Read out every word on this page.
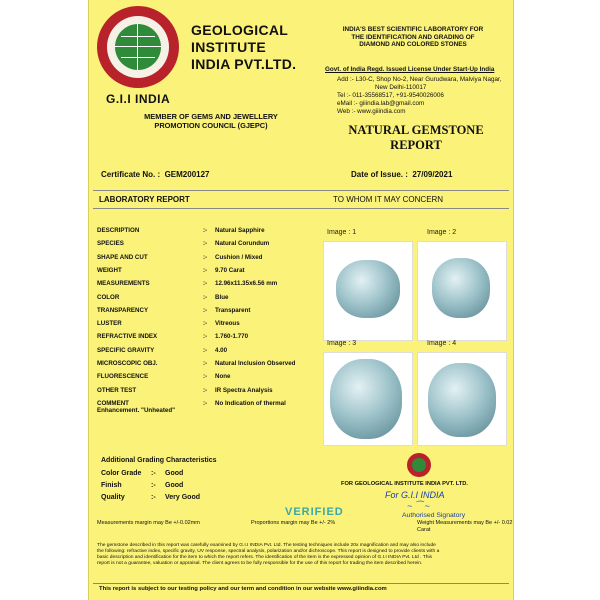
G.I.I INDIA
GEOLOGICAL
INSTITUTE
INDIA PVT.LTD.
MEMBER OF GEMS AND JEWELLERY
PROMOTION COUNCIL (GJEPC)
INDIA'S BEST SCIENTIFIC LABORATORY FOR
THE IDENTIFICATION AND GRADING OF
DIAMOND AND COLORED STONES
Govt. of India Regd. Issued License Under Start-Up India
Add :- L30-C, Shop No-2, Near Gurudwara, Malviya Nagar,
New Delhi-110017
Tel :- 011-35568517, +91-9540026006
eMail :- giiindia.lab@gmail.com
Web :- www.giiindia.com
NATURAL GEMSTONE
REPORT
Certificate No. : GEM200127	Date of Issue. : 27/09/2021
LABORATORY REPORT	TO WHOM IT MAY CONCERN
DESCRIPTION	:- Natural Sapphire
SPECIES	:- Natural Corundum
SHAPE AND CUT	:- Cushion / Mixed
WEIGHT	:- 9.70 Carat
MEASUREMENTS	:- 12.96x11.35x6.56 mm
COLOR	:- Blue
TRANSPARENCY	:- Transparent
LUSTER	:- Vitreous
REFRACTIVE INDEX	:- 1.760-1.770
SPECIFIC GRAVITY	:- 4.00
MICROSCOPIC OBJ.	:- Natural Inclusion Observed
FLUORESCENCE	:- None
OTHER TEST	:- IR Spectra Analysis
COMMENT	:- No Indication of thermal
Enhancement. "Unheated"
Image : 1	Image : 2
Image : 3	Image : 4
Additional Grading Characteristics
Color Grade :- Good
Finish	:- Good
Quality	:- Very Good
FOR GEOLOGICAL INSTITUTE INDIA PVT. LTD.
For G.I.I INDIA
~ ⁀ ~
Authorised Signatory
Weight Measurements may Be +/- 0.02 Carat
Measurements margin may Be +/-0.02mm	Proportions margin may Be +/- 2%
VERIFIED
The gemstone described in this report was carefully examined by G.I.I INDIA Pvt. Ltd. The testing techniques include 20x magnification and may also include
the following: refractive index, specific gravity, UV response, spectral analysis, polarization and/or dichroscope. This report is designed to provide clients with a
basic description and identification for the item to which the report refers. The identification of the item is the expressed opinion of G.I.I INDIA Pvt. Ltd . This
report is not a guarantee, valuation or appraisal. The client agrees to be fully responsible for the use of this report for trading the item described herein.
This report is subject to our testing policy and our term and condition in our website www.giiindia.com
